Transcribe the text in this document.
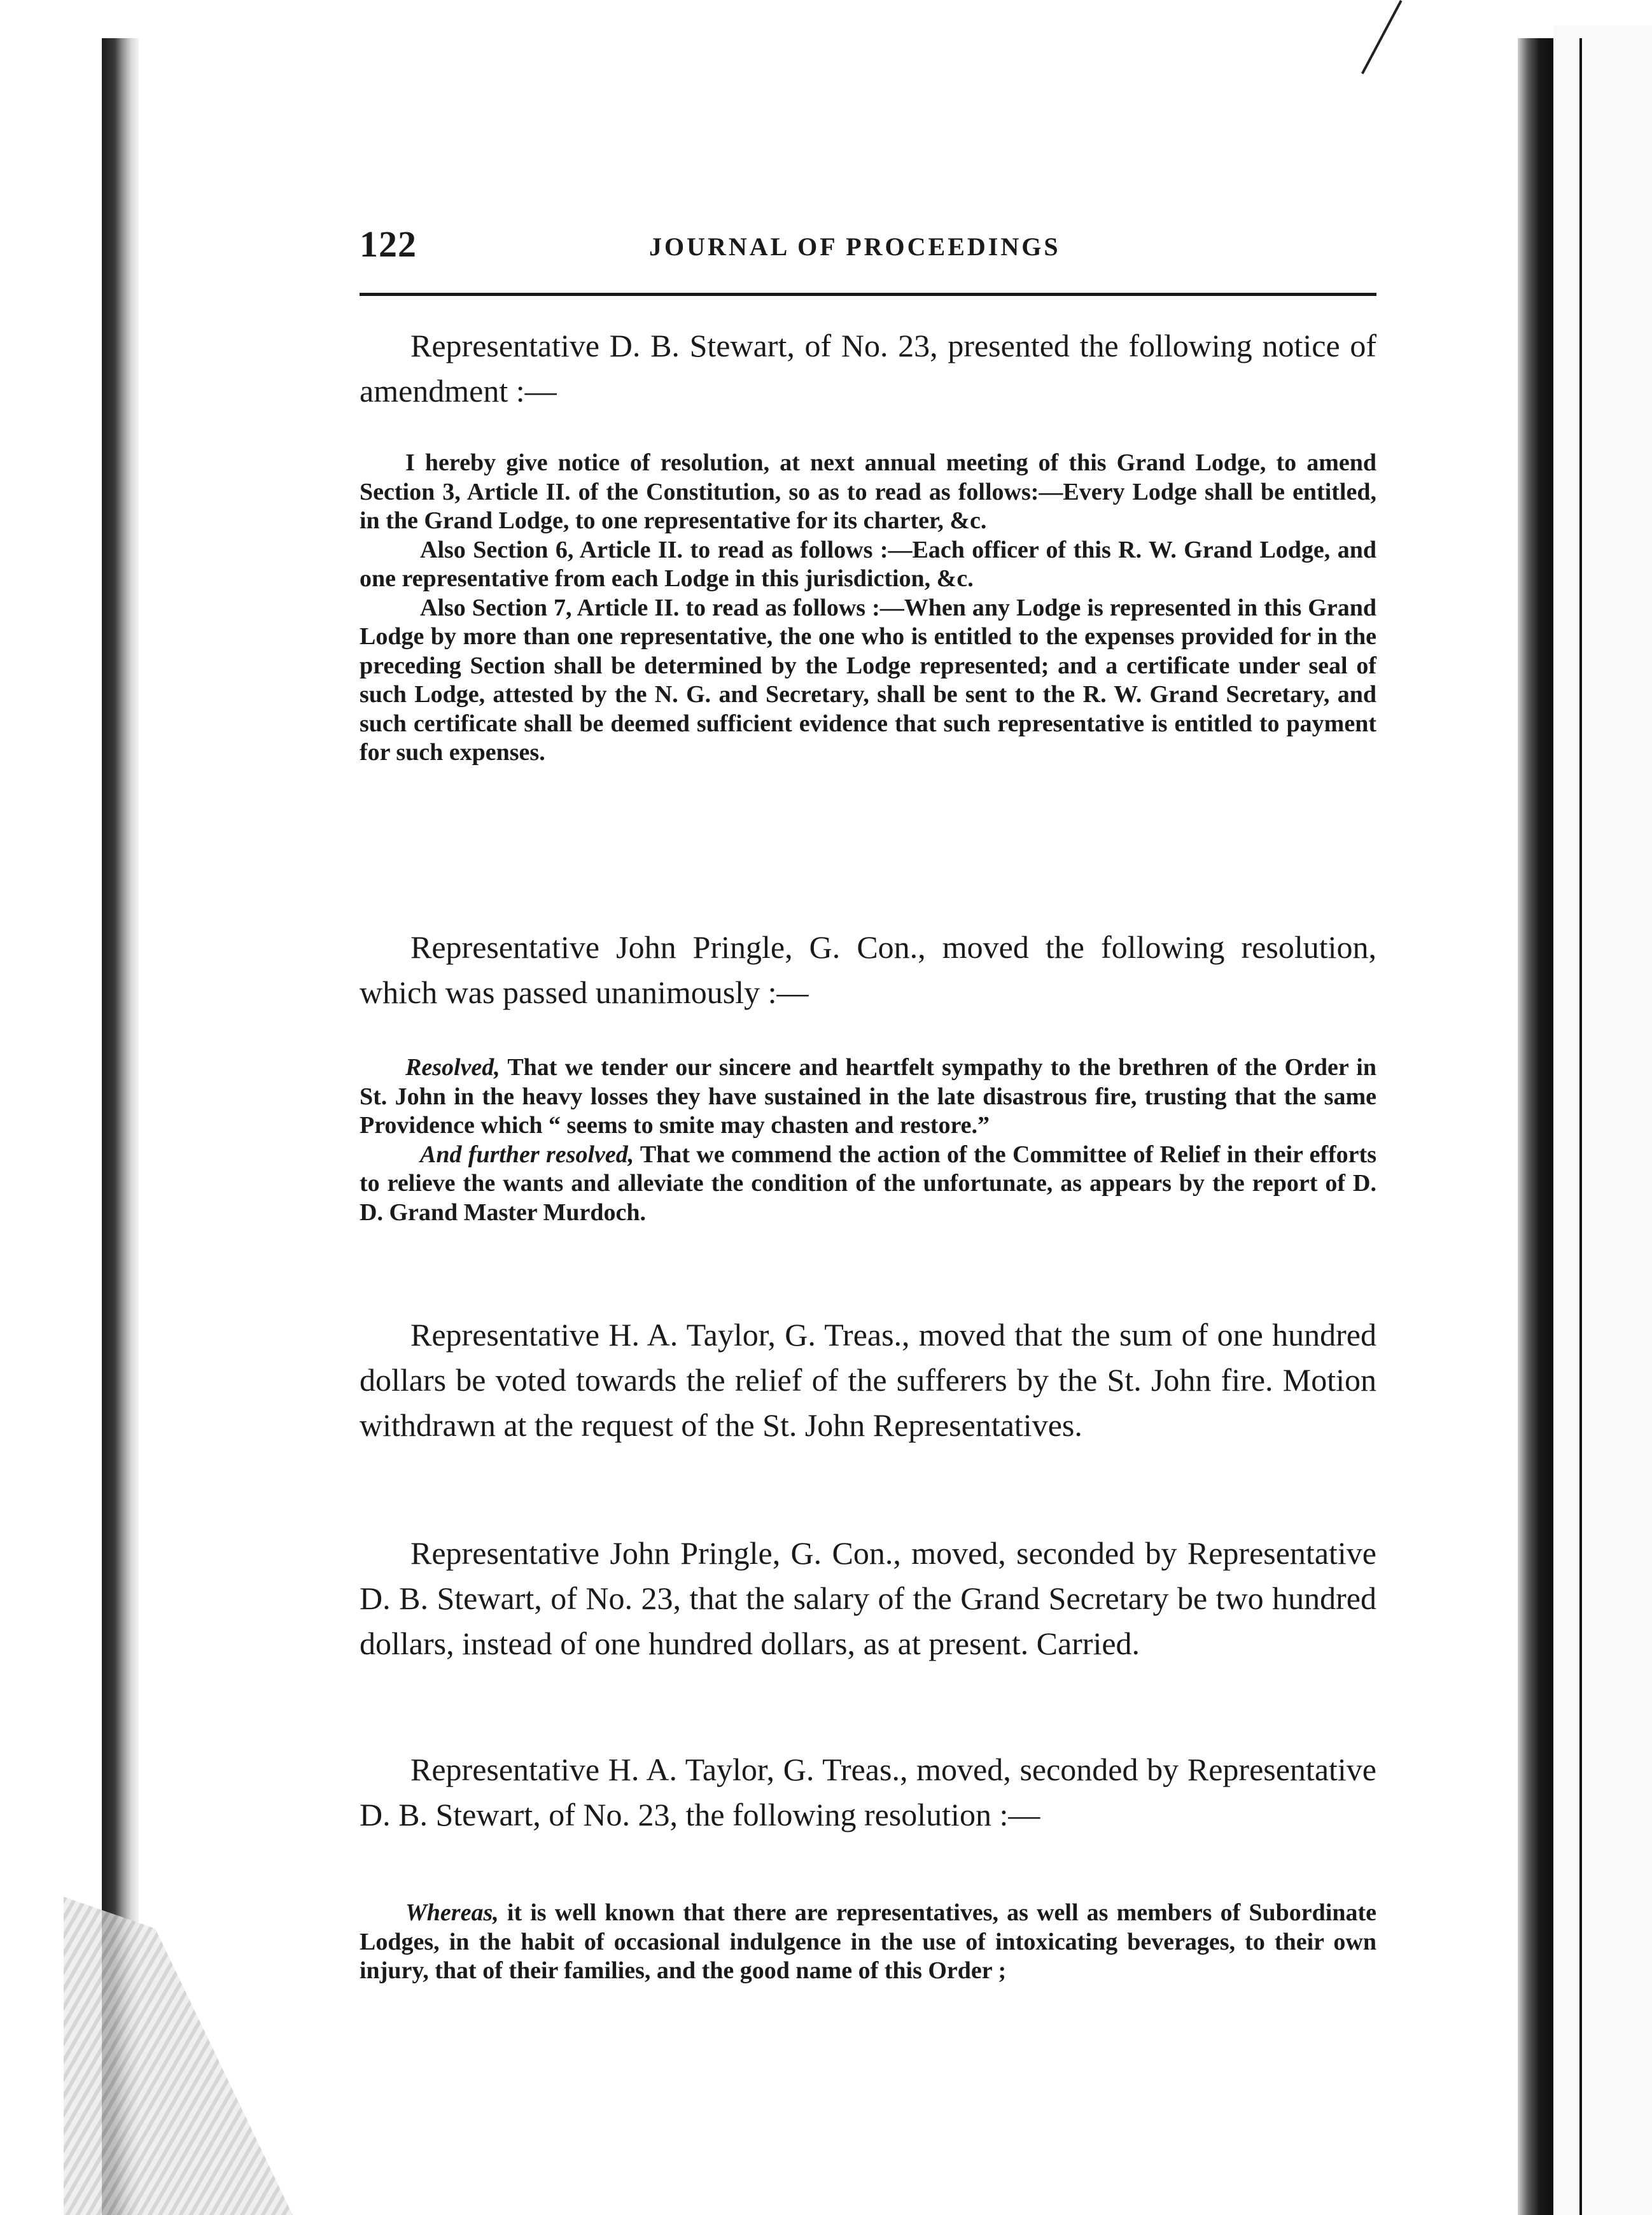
122	JOURNAL OF PROCEEDINGS

Representative D. B. Stewart, of No. 23, presented the following notice of amendment :—

I hereby give notice of resolution, at next annual meeting of this Grand Lodge, to amend Section 3, Article II. of the Constitution, so as to read as follows:—Every Lodge shall be entitled, in the Grand Lodge, to one representative for its charter, &c.

Also Section 6, Article II. to read as follows :—Each officer of this R. W. Grand Lodge, and one representative from each Lodge in this jurisdiction, &c.

Also Section 7, Article II. to read as follows :—When any Lodge is represented in this Grand Lodge by more than one representative, the one who is entitled to the expenses provided for in the preceding Section shall be determined by the Lodge represented; and a certificate under seal of such Lodge, attested by the N. G. and Secretary, shall be sent to the R. W. Grand Secretary, and such certificate shall be deemed sufficient evidence that such representative is entitled to payment for such expenses.

Representative John Pringle, G. Con., moved the following resolution, which was passed unanimously :—

Resolved, That we tender our sincere and heartfelt sympathy to the brethren of the Order in St. John in the heavy losses they have sustained in the late disastrous fire, trusting that the same Providence which “ seems to smite may chasten and restore.”

And further resolved, That we commend the action of the Committee of Relief in their efforts to relieve the wants and alleviate the condition of the unfortunate, as appears by the report of D. D. Grand Master Murdoch.

Representative H. A. Taylor, G. Treas., moved that the sum of one hundred dollars be voted towards the relief of the sufferers by the St. John fire. Motion withdrawn at the request of the St. John Representatives.

Representative John Pringle, G. Con., moved, seconded by Representative D. B. Stewart, of No. 23, that the salary of the Grand Secretary be two hundred dollars, instead of one hundred dollars, as at present. Carried.

Representative H. A. Taylor, G. Treas., moved, seconded by Representative D. B. Stewart, of No. 23, the following resolution :—

Whereas, it is well known that there are representatives, as well as members of Subordinate Lodges, in the habit of occasional indulgence in the use of intoxicating beverages, to their own injury, that of their families, and the good name of this Order ;
